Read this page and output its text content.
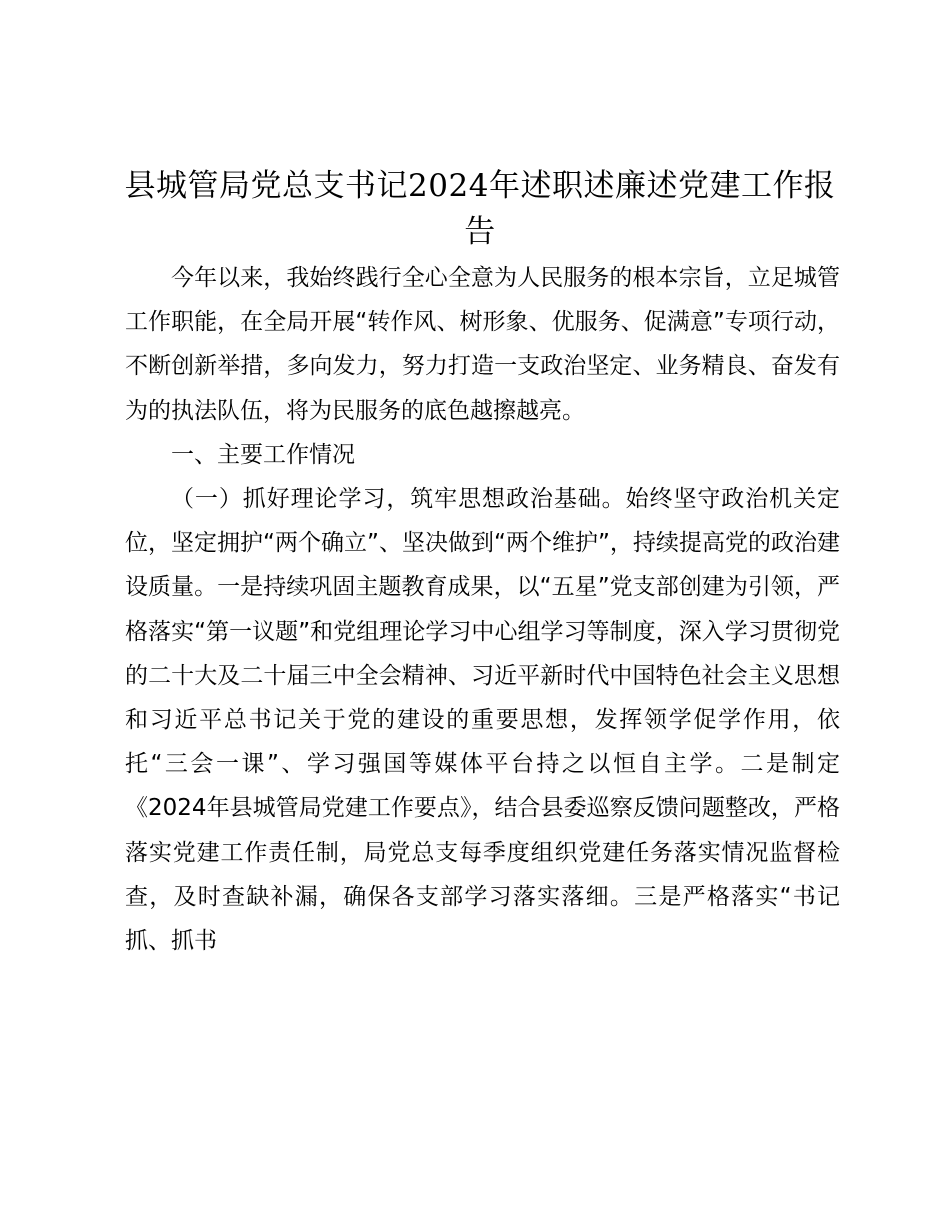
县城管局党总支书记2024年述职述廉述党建工作报告

今年以来，我始终践行全心全意为人民服务的根本宗旨，立足城管工作职能，在全局开展“转作风、树形象、优服务、促满意”专项行动，不断创新举措，多向发力，努力打造一支政治坚定、业务精良、奋发有为的执法队伍，将为民服务的底色越擦越亮。

一、主要工作情况

（一）抓好理论学习，筑牢思想政治基础。始终坚守政治机关定位，坚定拥护“两个确立”、坚决做到“两个维护”，持续提高党的政治建设质量。一是持续巩固主题教育成果，以“五星”党支部创建为引领，严格落实“第一议题”和党组理论学习中心组学习等制度，深入学习贯彻党的二十大及二十届三中全会精神、习近平新时代中国特色社会主义思想和习近平总书记关于党的建设的重要思想，发挥领学促学作用，依托“三会一课”、学习强国等媒体平台持之以恒自主学。二是制定《2024年县城管局党建工作要点》，结合县委巡察反馈问题整改，严格落实党建工作责任制，局党总支每季度组织党建任务落实情况监督检查，及时查缺补漏，确保各支部学习落实落细。三是严格落实“书记抓、抓书
